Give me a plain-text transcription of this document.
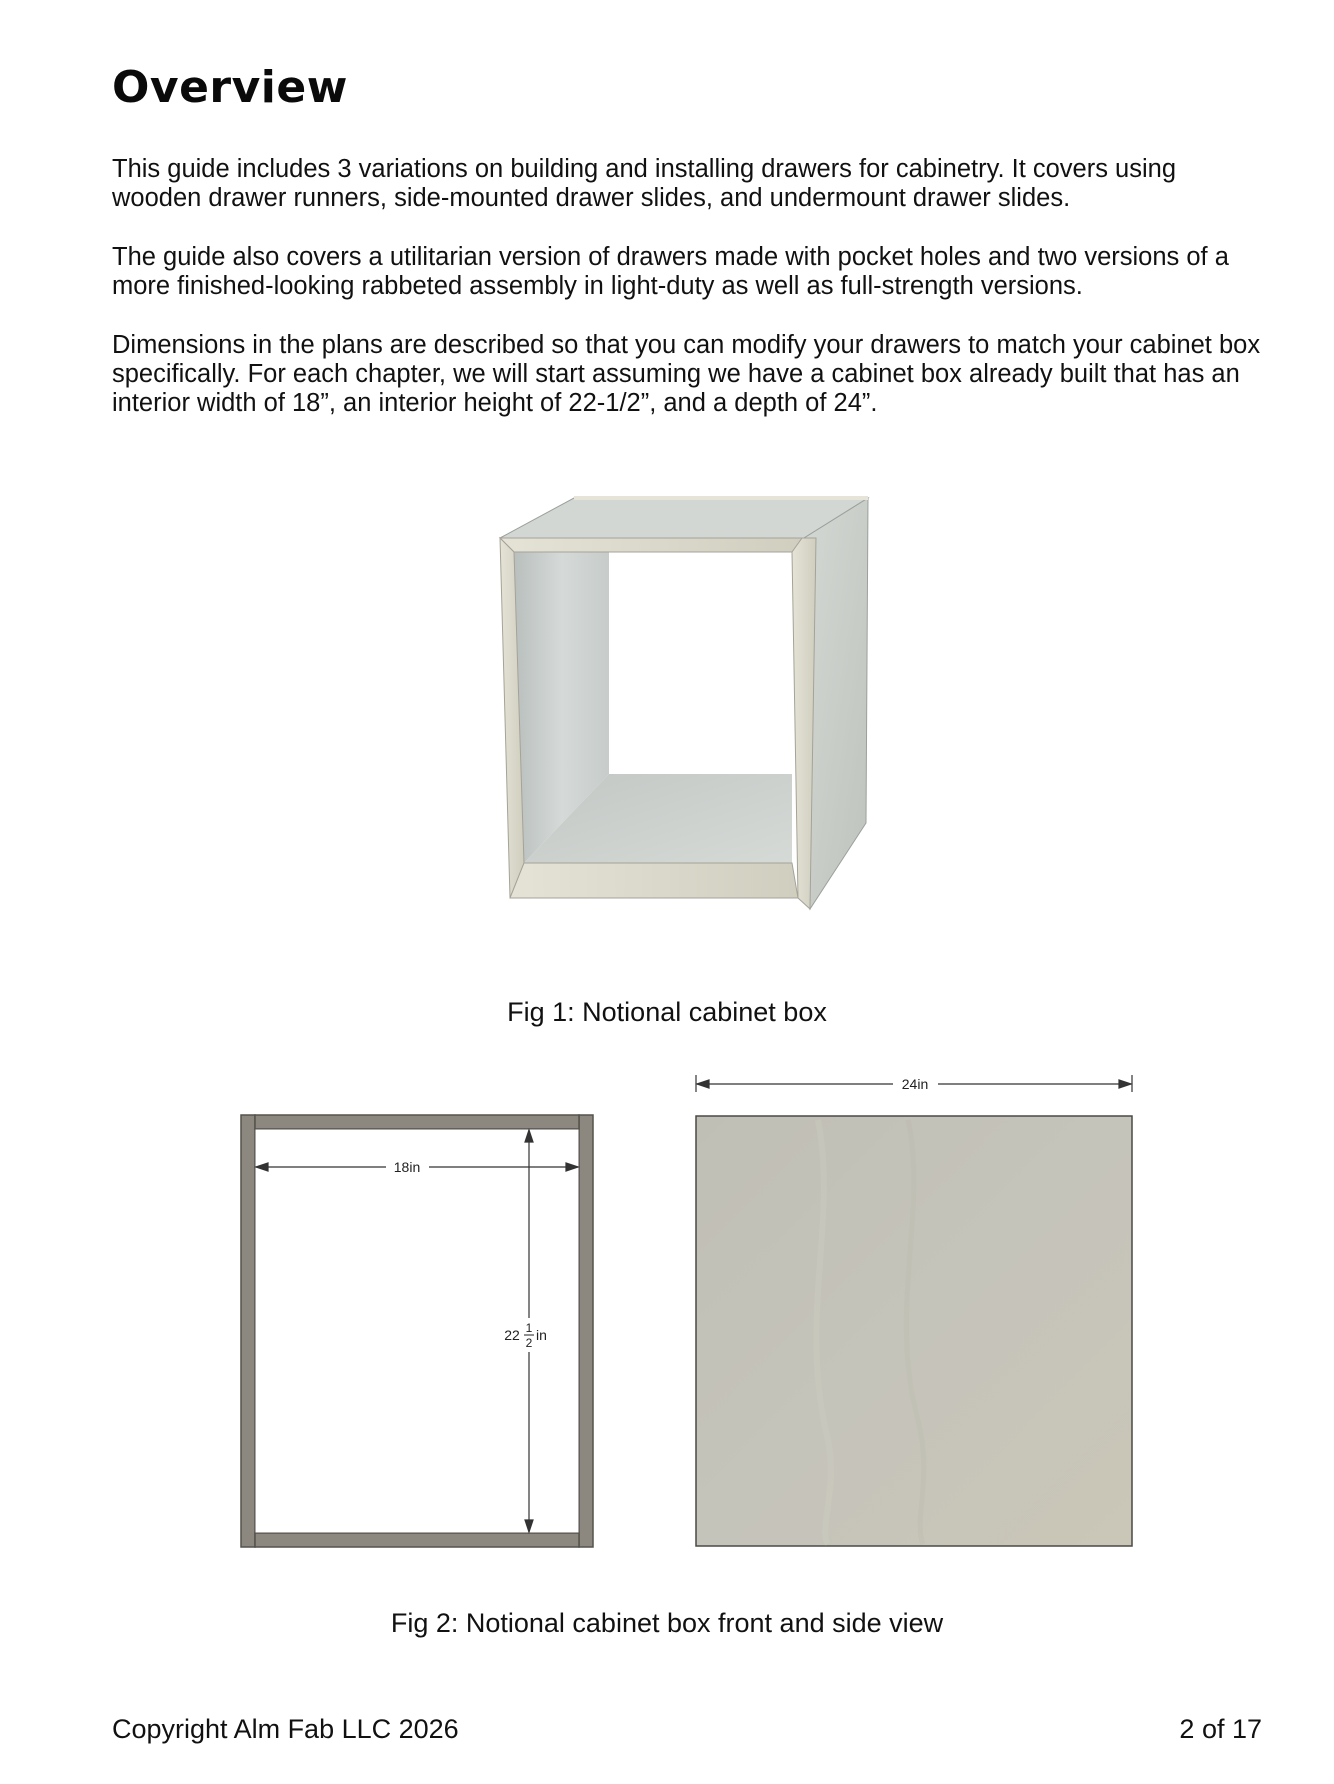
Overview

This guide includes 3 variations on building and installing drawers for cabinetry. It covers using wooden drawer runners, side-mounted drawer slides, and undermount drawer slides.

The guide also covers a utilitarian version of drawers made with pocket holes and two versions of a more finished-looking rabbeted assembly in light-duty as well as full-strength versions.

Dimensions in the plans are described so that you can modify your drawers to match your cabinet box specifically. For each chapter, we will start assuming we have a cabinet box already built that has an interior width of 18”, an interior height of 22-1/2”, and a depth of 24”.

Fig 1: Notional cabinet box

18in
22 1
2 in
24in

Fig 2: Notional cabinet box front and side view

Copyright Alm Fab LLC 2026	2 of 17
